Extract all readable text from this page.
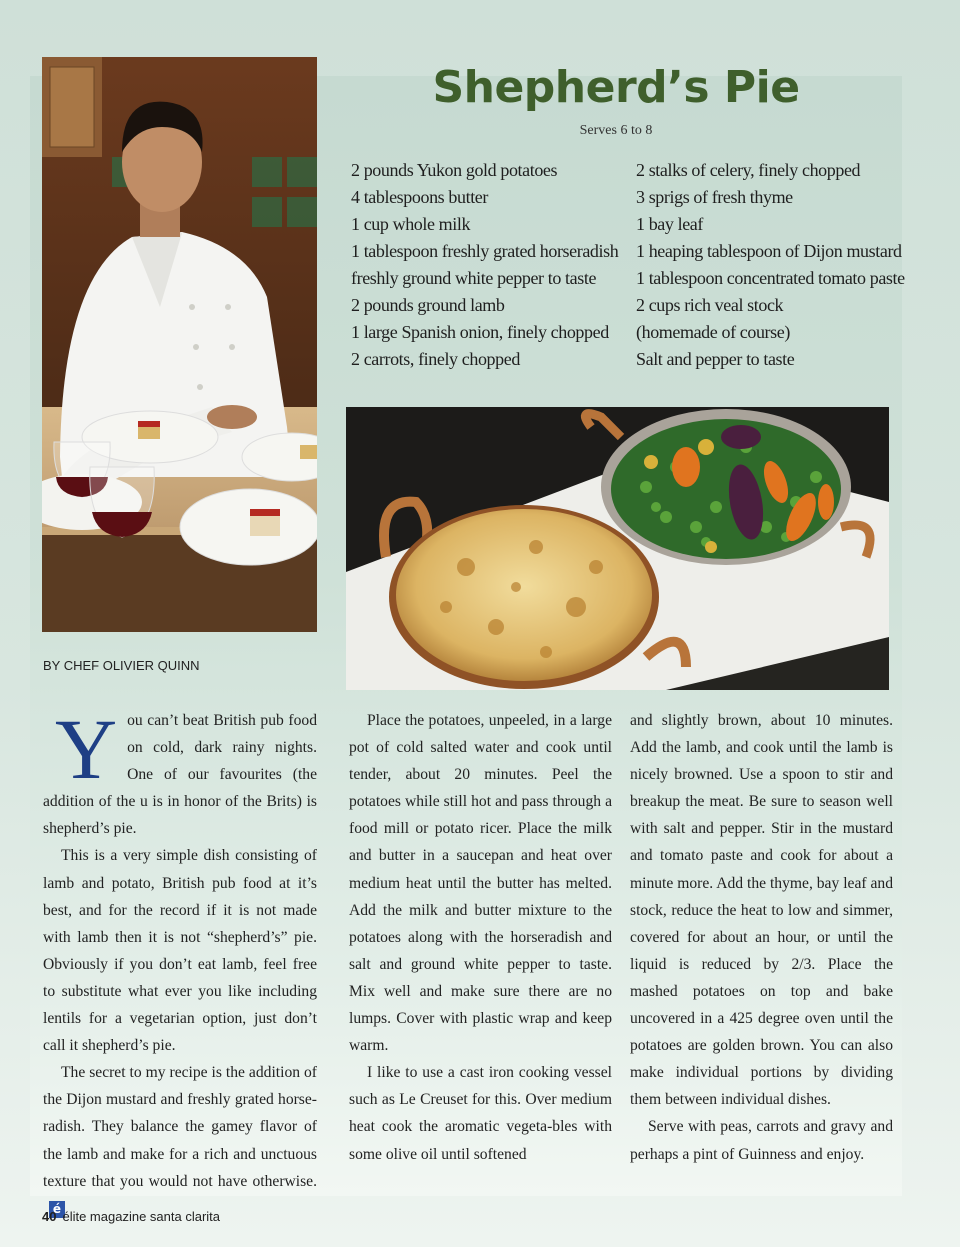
Shepherd’s Pie
Serves 6 to 8
2 pounds Yukon gold potatoes
4 tablespoons butter
1 cup whole milk
1 tablespoon freshly grated horseradish
freshly ground white pepper to taste
2 pounds ground lamb
1 large Spanish onion, finely chopped
2 carrots, finely chopped
2 stalks of celery, finely chopped
3 sprigs of fresh thyme
1 bay leaf
1 heaping tablespoon of Dijon mustard
1 tablespoon concentrated tomato paste
2 cups rich veal stock
(homemade of course)
Salt and pepper to taste
BY CHEF OLIVIER QUINN

You can’t beat British pub food on cold, dark rainy nights. One of our favourites (the addition of the u is in honor of the Brits) is shepherd’s pie.

This is a very simple dish consisting of lamb and potato, British pub food at it’s best, and for the record if it is not made with lamb then it is not “shepherd’s” pie. Obviously if you don’t eat lamb, feel free to substitute what ever you like including lentils for a vegetarian option, just don’t call it shepherd’s pie.

The secret to my recipe is the addition of the Dijon mustard and freshly grated horse-radish. They balance the gamey flavor of the lamb and make for a rich and unctuous texture that you would not have otherwise.é

Place the potatoes, unpeeled, in a large pot of cold salted water and cook until tender, about 20 minutes. Peel the potatoes while still hot and pass through a food mill or potato ricer. Place the milk and butter in a saucepan and heat over medium heat until the butter has melted. Add the milk and butter mixture to the potatoes along with the horseradish and salt and ground white pepper to taste. Mix well and make sure there are no lumps. Cover with plastic wrap and keep warm.

I like to use a cast iron cooking vessel such as Le Creuset for this. Over medium heat cook the aromatic vegeta-bles with some olive oil until softened

and slightly brown, about 10 minutes. Add the lamb, and cook until the lamb is nicely browned. Use a spoon to stir and breakup the meat. Be sure to season well with salt and pepper. Stir in the mustard and tomato paste and cook for about a minute more. Add the thyme, bay leaf and stock, reduce the heat to low and simmer, covered for about an hour, or until the liquid is reduced by 2/3. Place the mashed potatoes on top and bake uncovered in a 425 degree oven until the potatoes are golden brown. You can also make individual portions by dividing them between individual dishes.

Serve with peas, carrots and gravy and perhaps a pint of Guinness and enjoy.

40 élite magazine santa clarita
